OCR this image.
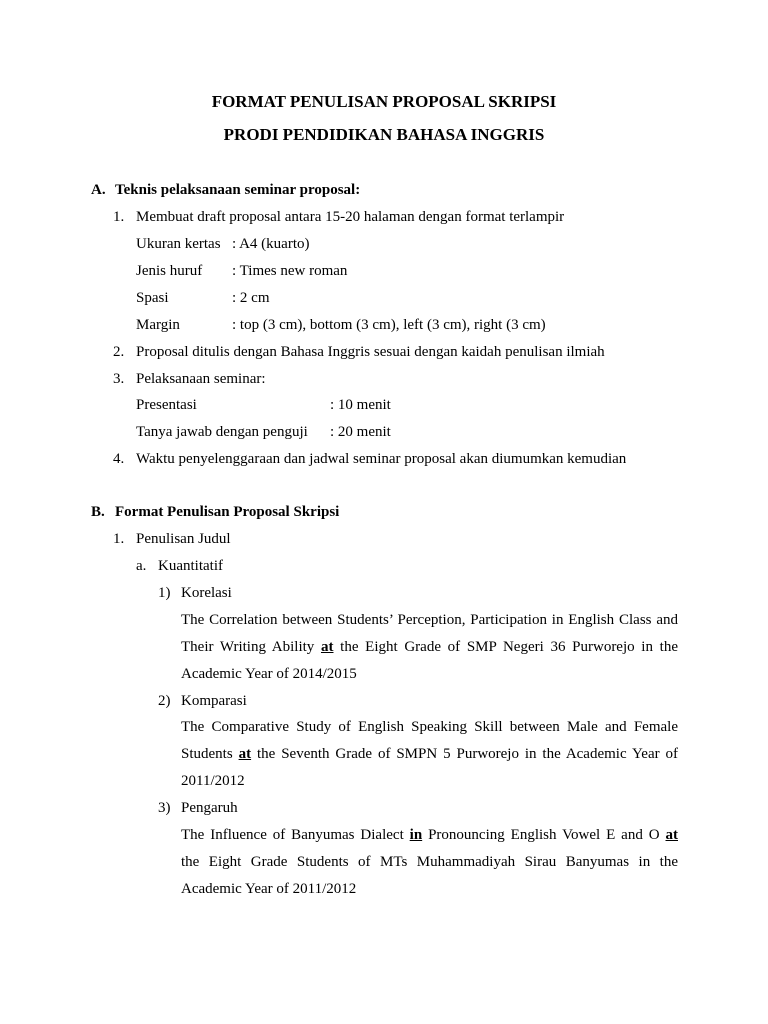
FORMAT PENULISAN PROPOSAL SKRIPSI
PRODI PENDIDIKAN BAHASA INGGRIS
A. Teknis pelaksanaan seminar proposal:
1. Membuat draft proposal antara 15-20 halaman dengan format terlampir
Ukuran kertas : A4 (kuarto)
Jenis huruf : Times new roman
Spasi	: 2 cm
Margin	: top (3 cm), bottom (3 cm), left (3 cm), right (3 cm)
2. Proposal ditulis dengan Bahasa Inggris sesuai dengan kaidah penulisan ilmiah
3. Pelaksanaan seminar:
Presentasi	: 10 menit
Tanya jawab dengan penguji : 20 menit
4. Waktu penyelenggaraan dan jadwal seminar proposal akan diumumkan kemudian
B. Format Penulisan Proposal Skripsi
1. Penulisan Judul
a. Kuantitatif
1) Korelasi
The Correlation between Students’ Perception, Participation in English Class and
Their Writing Ability at the Eight Grade of SMP Negeri 36 Purworejo in the
Academic Year of 2014/2015
2) Komparasi
The Comparative Study of English Speaking Skill between Male and Female
Students at the Seventh Grade of SMPN 5 Purworejo in the Academic Year of
2011/2012
3) Pengaruh
The Influence of Banyumas Dialect in Pronouncing English Vowel E and O at
the Eight Grade Students of MTs Muhammadiyah Sirau Banyumas in the
Academic Year of 2011/2012
